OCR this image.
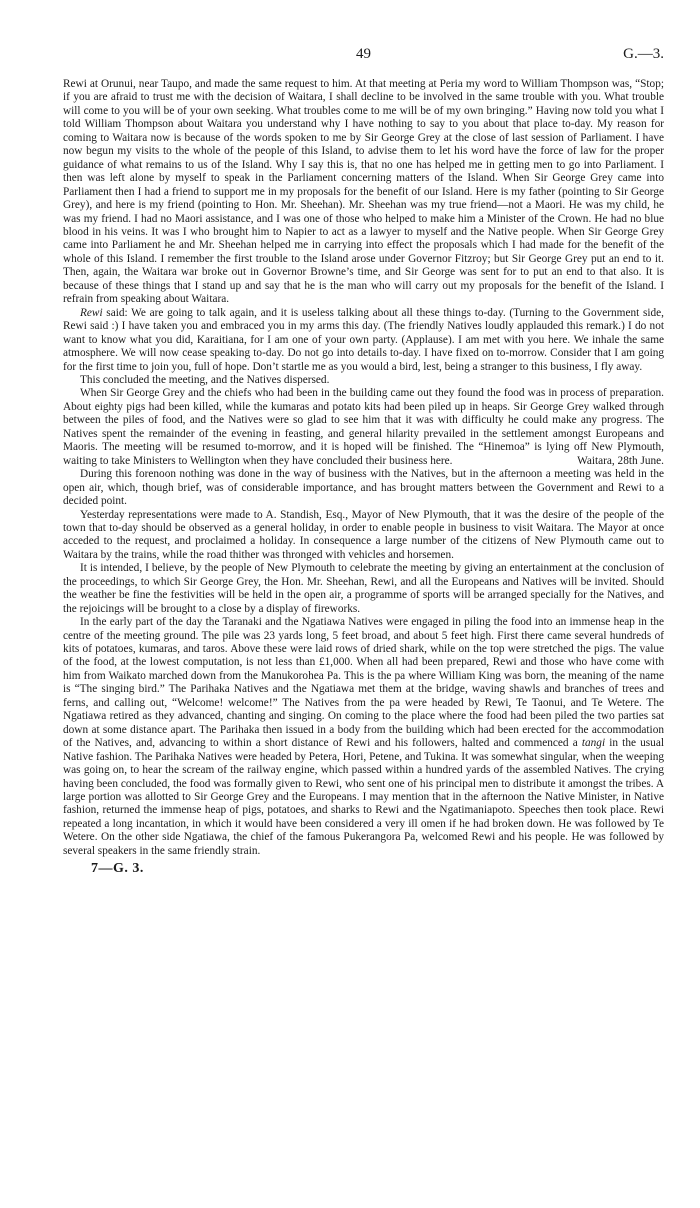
49	G.—3.

Rewi at Orunui, near Taupo, and made the same request to him. At that meeting at Peria my word to William Thompson was, “Stop; if you are afraid to trust me with the decision of Waitara, I shall decline to be involved in the same trouble with you. What trouble will come to you will be of your own seeking. What troubles come to me will be of my own bringing.” Having now told you what I told William Thompson about Waitara you understand why I have nothing to say to you about that place to-day. My reason for coming to Waitara now is because of the words spoken to me by Sir George Grey at the close of last session of Parliament. I have now begun my visits to the whole of the people of this Island, to advise them to let his word have the force of law for the proper guidance of what remains to us of the Island. Why I say this is, that no one has helped me in getting men to go into Parliament. I then was left alone by myself to speak in the Parliament concerning matters of the Island. When Sir George Grey came into Parliament then I had a friend to support me in my proposals for the benefit of our Island. Here is my father (pointing to Sir George Grey), and here is my friend (pointing to Hon. Mr. Sheehan). Mr. Sheehan was my true friend—not a Maori. He was my child, he was my friend. I had no Maori assistance, and I was one of those who helped to make him a Minister of the Crown. He had no blue blood in his veins. It was I who brought him to Napier to act as a lawyer to myself and the Native people. When Sir George Grey came into Parliament he and Mr. Sheehan helped me in carrying into effect the proposals which I had made for the benefit of the whole of this Island. I remember the first trouble to the Island arose under Governor Fitzroy; but Sir George Grey put an end to it. Then, again, the Waitara war broke out in Governor Browne’s time, and Sir George was sent for to put an end to that also. It is because of these things that I stand up and say that he is the man who will carry out my proposals for the benefit of the Island. I refrain from speaking about Waitara.

Rewi said: We are going to talk again, and it is useless talking about all these things to-day. (Turning to the Government side, Rewi said :) I have taken you and embraced you in my arms this day. (The friendly Natives loudly applauded this remark.) I do not want to know what you did, Karaitiana, for I am one of your own party. (Applause). I am met with you here. We inhale the same atmosphere. We will now cease speaking to-day. Do not go into details to-day. I have fixed on to-morrow. Consider that I am going for the first time to join you, full of hope. Don’t startle me as you would a bird, lest, being a stranger to this business, I fly away.

This concluded the meeting, and the Natives dispersed.

When Sir George Grey and the chiefs who had been in the building came out they found the food was in process of preparation. About eighty pigs had been killed, while the kumaras and potato kits had been piled up in heaps. Sir George Grey walked through between the piles of food, and the Natives were so glad to see him that it was with difficulty he could make any progress. The Natives spent the remainder of the evening in feasting, and general hilarity prevailed in the settlement amongst Europeans and Maoris. The meeting will be resumed to-morrow, and it is hoped will be finished. The “Hinemoa” is lying off New Plymouth, waiting to take Ministers to Wellington when they have concluded their business here.	Waitara, 28th June.

During this forenoon nothing was done in the way of business with the Natives, but in the afternoon a meeting was held in the open air, which, though brief, was of considerable importance, and has brought matters between the Government and Rewi to a decided point.

Yesterday representations were made to A. Standish, Esq., Mayor of New Plymouth, that it was the desire of the people of the town that to-day should be observed as a general holiday, in order to enable people in business to visit Waitara. The Mayor at once acceded to the request, and proclaimed a holiday. In consequence a large number of the citizens of New Plymouth came out to Waitara by the trains, while the road thither was thronged with vehicles and horsemen.

It is intended, I believe, by the people of New Plymouth to celebrate the meeting by giving an entertainment at the conclusion of the proceedings, to which Sir George Grey, the Hon. Mr. Sheehan, Rewi, and all the Europeans and Natives will be invited. Should the weather be fine the festivities will be held in the open air, a programme of sports will be arranged specially for the Natives, and the rejoicings will be brought to a close by a display of fireworks.

In the early part of the day the Taranaki and the Ngatiawa Natives were engaged in piling the food into an immense heap in the centre of the meeting ground. The pile was 23 yards long, 5 feet broad, and about 5 feet high. First there came several hundreds of kits of potatoes, kumaras, and taros. Above these were laid rows of dried shark, while on the top were stretched the pigs. The value of the food, at the lowest computation, is not less than £1,000. When all had been prepared, Rewi and those who have come with him from Waikato marched down from the Manukorohea Pa. This is the pa where William King was born, the meaning of the name is “The singing bird.” The Parihaka Natives and the Ngatiawa met them at the bridge, waving shawls and branches of trees and ferns, and calling out, “Welcome! welcome!” The Natives from the pa were headed by Rewi, Te Taonui, and Te Wetere. The Ngatiawa retired as they advanced, chanting and singing. On coming to the place where the food had been piled the two parties sat down at some distance apart. The Parihaka then issued in a body from the building which had been erected for the accommodation of the Natives, and, advancing to within a short distance of Rewi and his followers, halted and commenced a tangi in the usual Native fashion. The Parihaka Natives were headed by Petera, Hori, Petene, and Tukina. It was somewhat singular, when the weeping was going on, to hear the scream of the railway engine, which passed within a hundred yards of the assembled Natives. The crying having been concluded, the food was formally given to Rewi, who sent one of his principal men to distribute it amongst the tribes. A large portion was allotted to Sir George Grey and the Europeans. I may mention that in the afternoon the Native Minister, in Native fashion, returned the immense heap of pigs, potatoes, and sharks to Rewi and the Ngatimaniapoto. Speeches then took place. Rewi repeated a long incantation, in which it would have been considered a very ill omen if he had broken down. He was followed by Te Wetere. On the other side Ngatiawa, the chief of the famous Pukerangora Pa, welcomed Rewi and his people. He was followed by several speakers in the same friendly strain.

7—G. 3.
